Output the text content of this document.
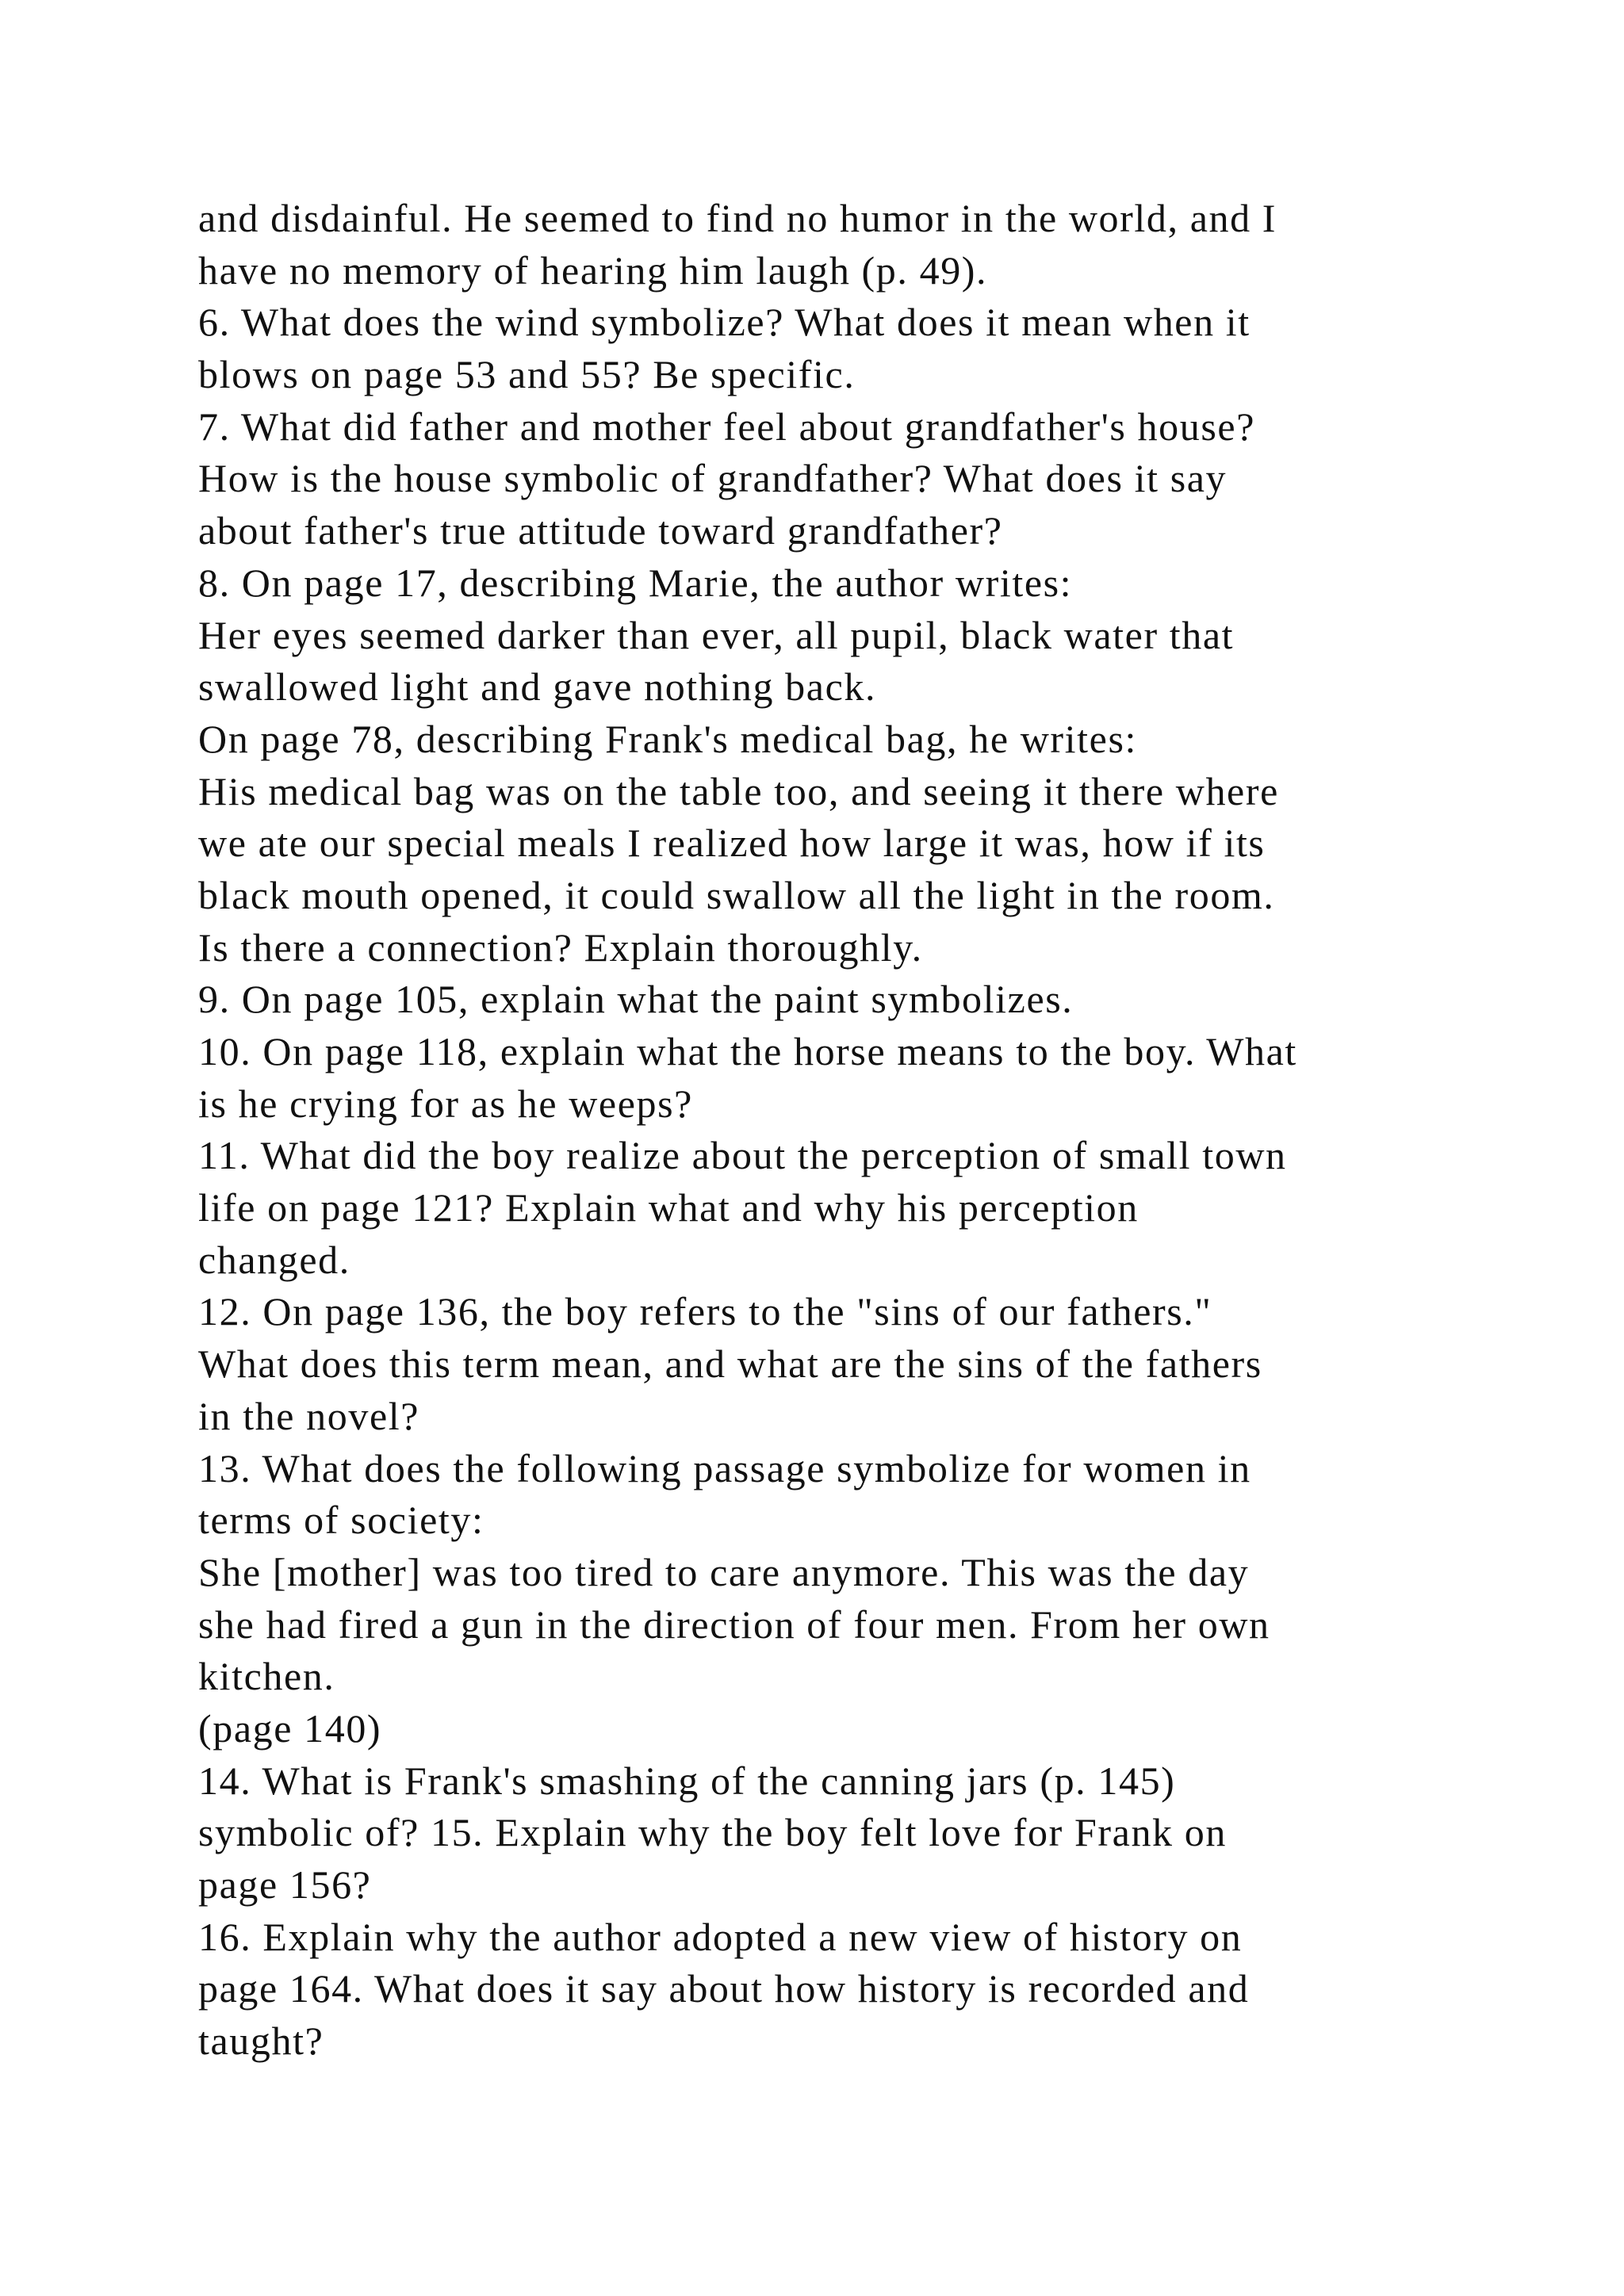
and disdainful. He seemed to find no humor in the world, and I
have no memory of hearing him laugh (p. 49).
6. What does the wind symbolize? What does it mean when it
blows on page 53 and 55? Be specific.
7. What did father and mother feel about grandfather's house?
How is the house symbolic of grandfather? What does it say
about father's true attitude toward grandfather?
8. On page 17, describing Marie, the author writes:
Her eyes seemed darker than ever, all pupil, black water that
swallowed light and gave nothing back.
On page 78, describing Frank's medical bag, he writes:
His medical bag was on the table too, and seeing it there where
we ate our special meals I realized how large it was, how if its
black mouth opened, it could swallow all the light in the room.
Is there a connection? Explain thoroughly.
9. On page 105, explain what the paint symbolizes.
10. On page 118, explain what the horse means to the boy. What
is he crying for as he weeps?
11. What did the boy realize about the perception of small town
life on page 121? Explain what and why his perception
changed.
12. On page 136, the boy refers to the "sins of our fathers."
What does this term mean, and what are the sins of the fathers
in the novel?
13. What does the following passage symbolize for women in
terms of society:
She [mother] was too tired to care anymore. This was the day
she had fired a gun in the direction of four men. From her own
kitchen.
(page 140)
14. What is Frank's smashing of the canning jars (p. 145)
symbolic of? 15. Explain why the boy felt love for Frank on
page 156?
16. Explain why the author adopted a new view of history on
page 164. What does it say about how history is recorded and
taught?
